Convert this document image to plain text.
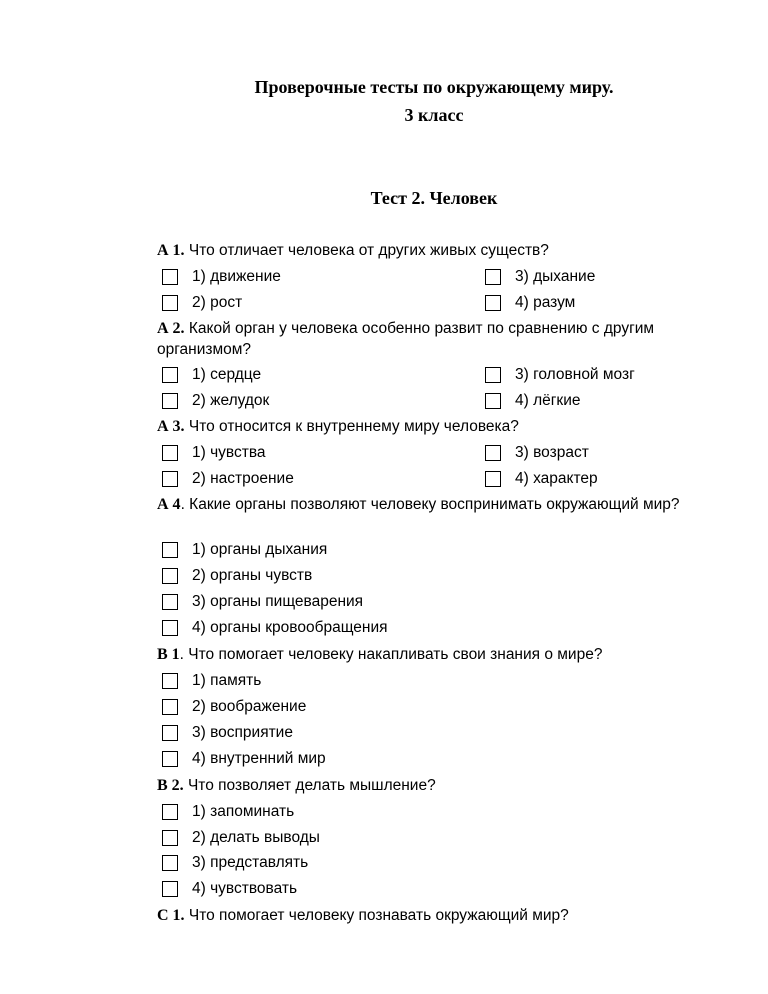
Проверочные тесты по окружающему миру.
3 класс
Тест 2. Человек
А 1. Что отличает человека от других живых существ?
1) движение
2) рост
3) дыхание
4) разум
А 2. Какой орган у человека особенно развит по сравнению с другим организмом?
1) сердце
2) желудок
3) головной мозг
4) лёгкие
А 3. Что относится к внутреннему миру человека?
1) чувства
2) настроение
3) возраст
4) характер
А 4. Какие органы позволяют человеку воспринимать окружающий мир?
1) органы дыхания
2) органы чувств
3) органы пищеварения
4) органы кровообращения
В 1. Что помогает человеку накапливать свои знания о мире?
1) память
2) воображение
3) восприятие
4) внутренний мир
В 2. Что позволяет делать мышление?
1) запоминать
2) делать выводы
3) представлять
4) чувствовать
С 1. Что помогает человеку познавать окружающий мир?
